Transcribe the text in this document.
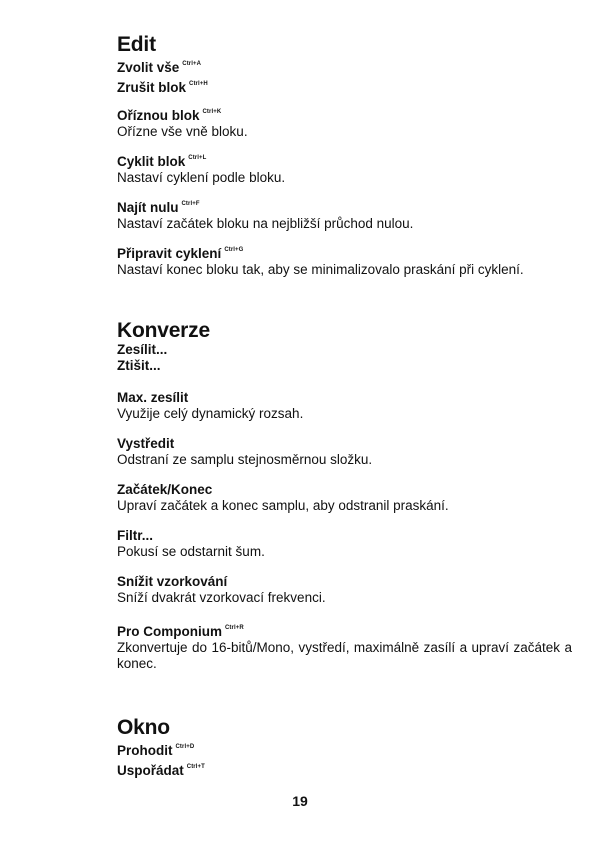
Edit
Zvolit vše $^{Ctrl+A}$
Zrušit blok $^{Ctrl+H}$
Oříznou blok $^{Ctrl+K}$
Ořízne vše vně bloku.
Cyklit blok $^{Ctrl+L}$
Nastaví cyklení podle bloku.
Najít nulu $^{Ctrl+F}$
Nastaví začátek bloku na nejbližší průchod nulou.
Připravit cyklení $^{Ctrl+G}$
Nastaví konec bloku tak, aby se minimalizovalo praskání při cyklení.
Konverze
Zesílit...
Ztišit...
Max. zesílit
Využije celý dynamický rozsah.
Vystředit
Odstraní ze samplu stejnosměrnou složku.
Začátek/Konec
Upraví začátek a konec samplu, aby odstranil praskání.
Filtr...
Pokusí se odstarnit šum.
Snížit vzorkování
Sníží dvakrát vzorkovací frekvenci.
Pro Componium $^{Ctrl+R}$
Zkonvertuje do 16-bitů/Mono, vystředí, maximálně zasílí a upraví začátek a konec.
Okno
Prohodit $^{Ctrl+D}$
Uspořádat $^{Ctrl+T}$
19
